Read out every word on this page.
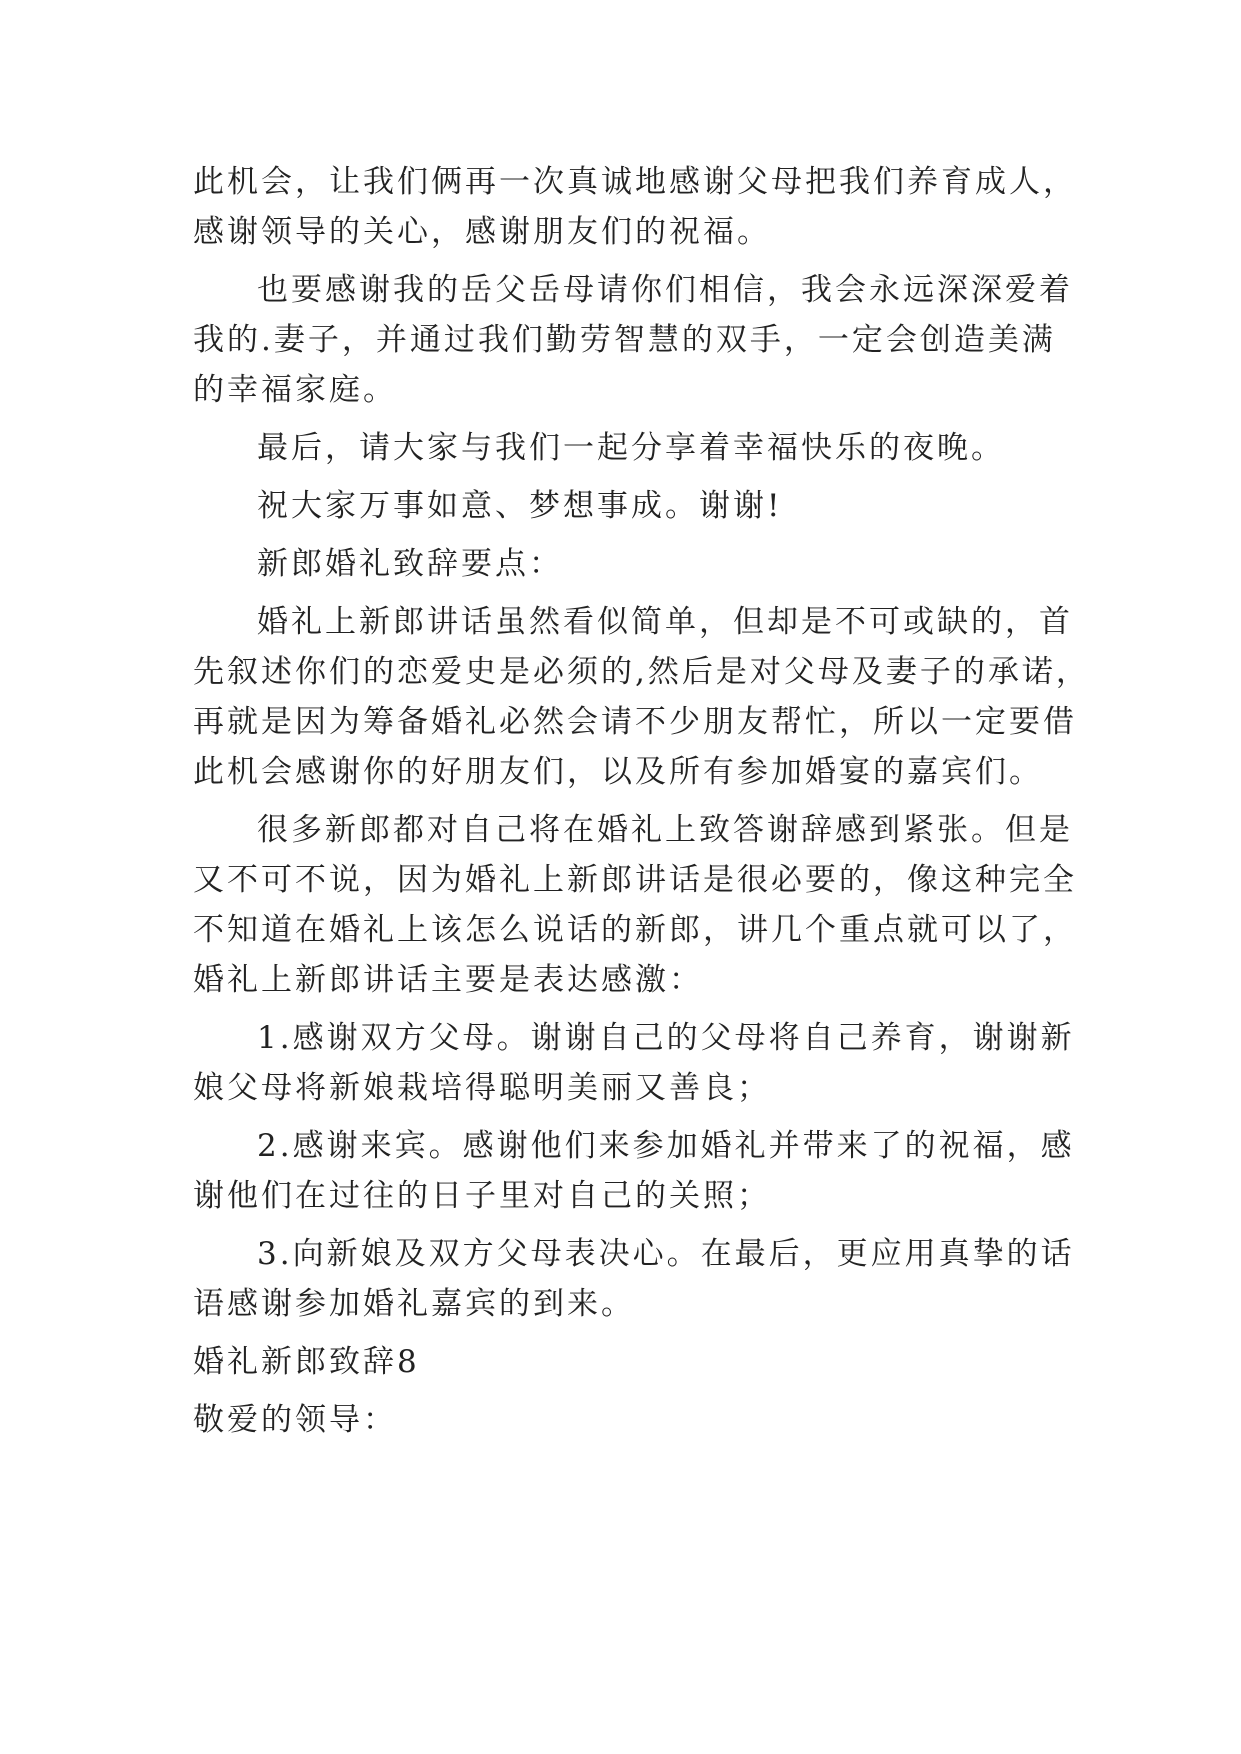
此机会，让我们俩再一次真诚地感谢父母把我们养育成人，
感谢领导的关心，感谢朋友们的祝福。
也要感谢我的岳父岳母请你们相信，我会永远深深爱着
我的.妻子，并通过我们勤劳智慧的双手，一定会创造美满
的幸福家庭。
最后，请大家与我们一起分享着幸福快乐的夜晚。
祝大家万事如意、梦想事成。谢谢!
新郎婚礼致辞要点：
婚礼上新郎讲话虽然看似简单，但却是不可或缺的，首
先叙述你们的恋爱史是必须的,然后是对父母及妻子的承诺，
再就是因为筹备婚礼必然会请不少朋友帮忙，所以一定要借
此机会感谢你的好朋友们，以及所有参加婚宴的嘉宾们。
很多新郎都对自己将在婚礼上致答谢辞感到紧张。但是
又不可不说，因为婚礼上新郎讲话是很必要的，像这种完全
不知道在婚礼上该怎么说话的新郎，讲几个重点就可以了，
婚礼上新郎讲话主要是表达感激：
1.感谢双方父母。谢谢自己的父母将自己养育，谢谢新
娘父母将新娘栽培得聪明美丽又善良；
2.感谢来宾。感谢他们来参加婚礼并带来了的祝福，感
谢他们在过往的日子里对自己的关照；
3.向新娘及双方父母表决心。在最后，更应用真挚的话
语感谢参加婚礼嘉宾的到来。
婚礼新郎致辞8
敬爱的领导：
